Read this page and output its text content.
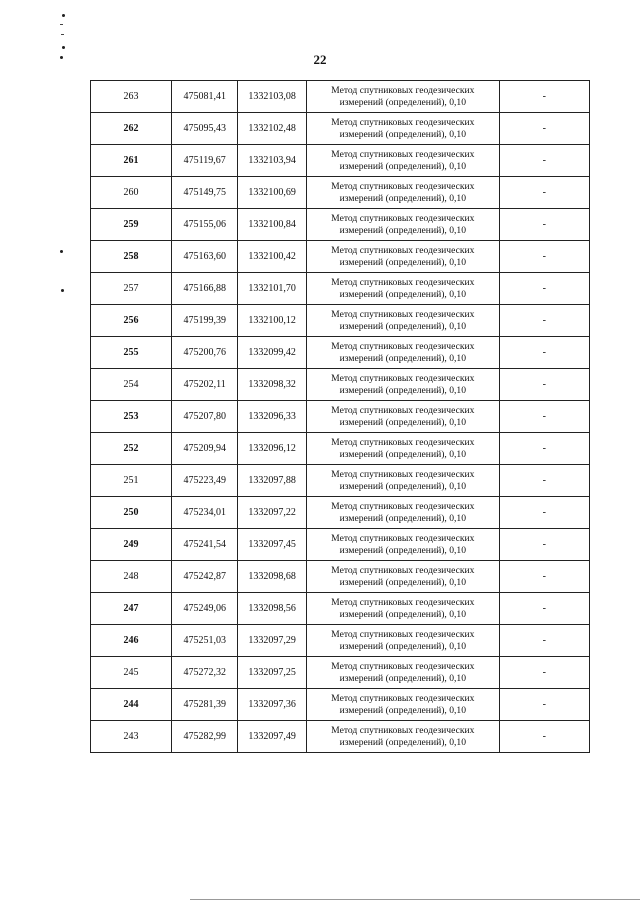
22
263	475081,41	1332103,08	Метод спутниковых геодезических
измерений (определений), 0,10	-
262	475095,43	1332102,48	Метод спутниковых геодезических
измерений (определений), 0,10	-
261	475119,67	1332103,94	Метод спутниковых геодезических
измерений (определений), 0,10	-
260	475149,75	1332100,69	Метод спутниковых геодезических
измерений (определений), 0,10	-
259	475155,06	1332100,84	Метод спутниковых геодезических
измерений (определений), 0,10	-
258	475163,60	1332100,42	Метод спутниковых геодезических
измерений (определений), 0,10	-
257	475166,88	1332101,70	Метод спутниковых геодезических
измерений (определений), 0,10	-
256	475199,39	1332100,12	Метод спутниковых геодезических
измерений (определений), 0,10	-
255	475200,76	1332099,42	Метод спутниковых геодезических
измерений (определений), 0,10	-
254	475202,11	1332098,32	Метод спутниковых геодезических
измерений (определений), 0,10	-
253	475207,80	1332096,33	Метод спутниковых геодезических
измерений (определений), 0,10	-
252	475209,94	1332096,12	Метод спутниковых геодезических
измерений (определений), 0,10	-
251	475223,49	1332097,88	Метод спутниковых геодезических
измерений (определений), 0,10	-
250	475234,01	1332097,22	Метод спутниковых геодезических
измерений (определений), 0,10	-
249	475241,54	1332097,45	Метод спутниковых геодезических
измерений (определений), 0,10	-
248	475242,87	1332098,68	Метод спутниковых геодезических
измерений (определений), 0,10	-
247	475249,06	1332098,56	Метод спутниковых геодезических
измерений (определений), 0,10	-
246	475251,03	1332097,29	Метод спутниковых геодезических
измерений (определений), 0,10	-
245	475272,32	1332097,25	Метод спутниковых геодезических
измерений (определений), 0,10	-
244	475281,39	1332097,36	Метод спутниковых геодезических
измерений (определений), 0,10	-
243	475282,99	1332097,49	Метод спутниковых геодезических
измерений (определений), 0,10	-
